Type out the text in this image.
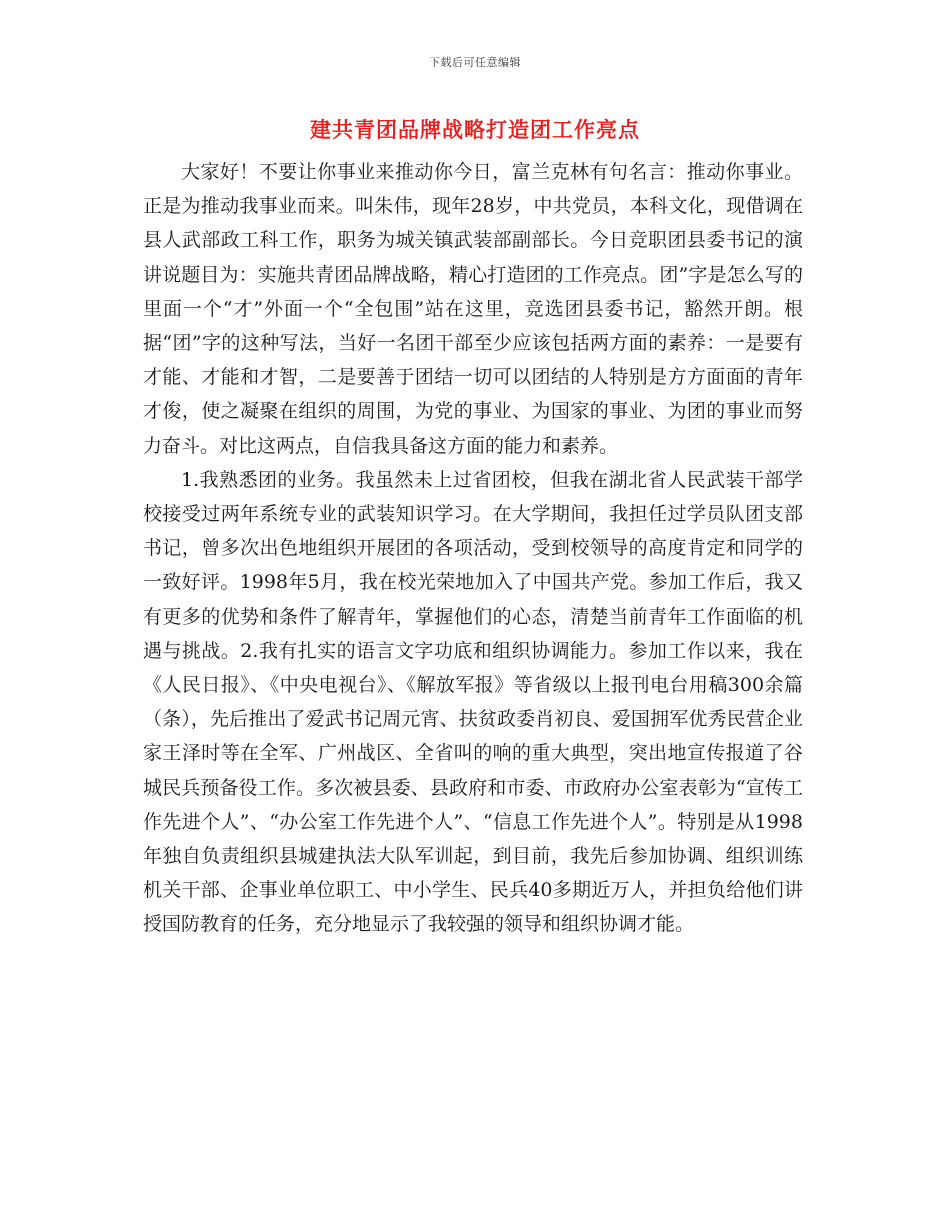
下载后可任意编辑
建共青团品牌战略打造团工作亮点

大家好！不要让你事业来推动你今日，富兰克林有句名言：推动你事业。正是为推动我事业而来。叫朱伟，现年28岁，中共党员，本科文化，现借调在县人武部政工科工作，职务为城关镇武装部副部长。今日竞职团县委书记的演讲说题目为：实施共青团品牌战略，精心打造团的工作亮点。团”字是怎么写的里面一个“才”外面一个“全包围”站在这里，竞选团县委书记，豁然开朗。根据“团”字的这种写法，当好一名团干部至少应该包括两方面的素养：一是要有才能、才能和才智，二是要善于团结一切可以团结的人特别是方方面面的青年才俊，使之凝聚在组织的周围，为党的事业、为国家的事业、为团的事业而努力奋斗。对比这两点，自信我具备这方面的能力和素养。

1.我熟悉团的业务。我虽然未上过省团校，但我在湖北省人民武装干部学校接受过两年系统专业的武装知识学习。在大学期间，我担任过学员队团支部书记，曾多次出色地组织开展团的各项活动，受到校领导的高度肯定和同学的一致好评。1998年5月，我在校光荣地加入了中国共产党。参加工作后，我又有更多的优势和条件了解青年，掌握他们的心态，清楚当前青年工作面临的机遇与挑战。2.我有扎实的语言文字功底和组织协调能力。参加工作以来，我在《人民日报》、《中央电视台》、《解放军报》等省级以上报刊电台用稿300余篇（条），先后推出了爱武书记周元宵、扶贫政委肖初良、爱国拥军优秀民营企业家王泽时等在全军、广州战区、全省叫的响的重大典型，突出地宣传报道了谷城民兵预备役工作。多次被县委、县政府和市委、市政府办公室表彰为“宣传工作先进个人”、“办公室工作先进个人”、“信息工作先进个人”。特别是从1998年独自负责组织县城建执法大队军训起，到目前，我先后参加协调、组织训练机关干部、企事业单位职工、中小学生、民兵40多期近万人，并担负给他们讲授国防教育的任务，充分地显示了我较强的领导和组织协调才能。
